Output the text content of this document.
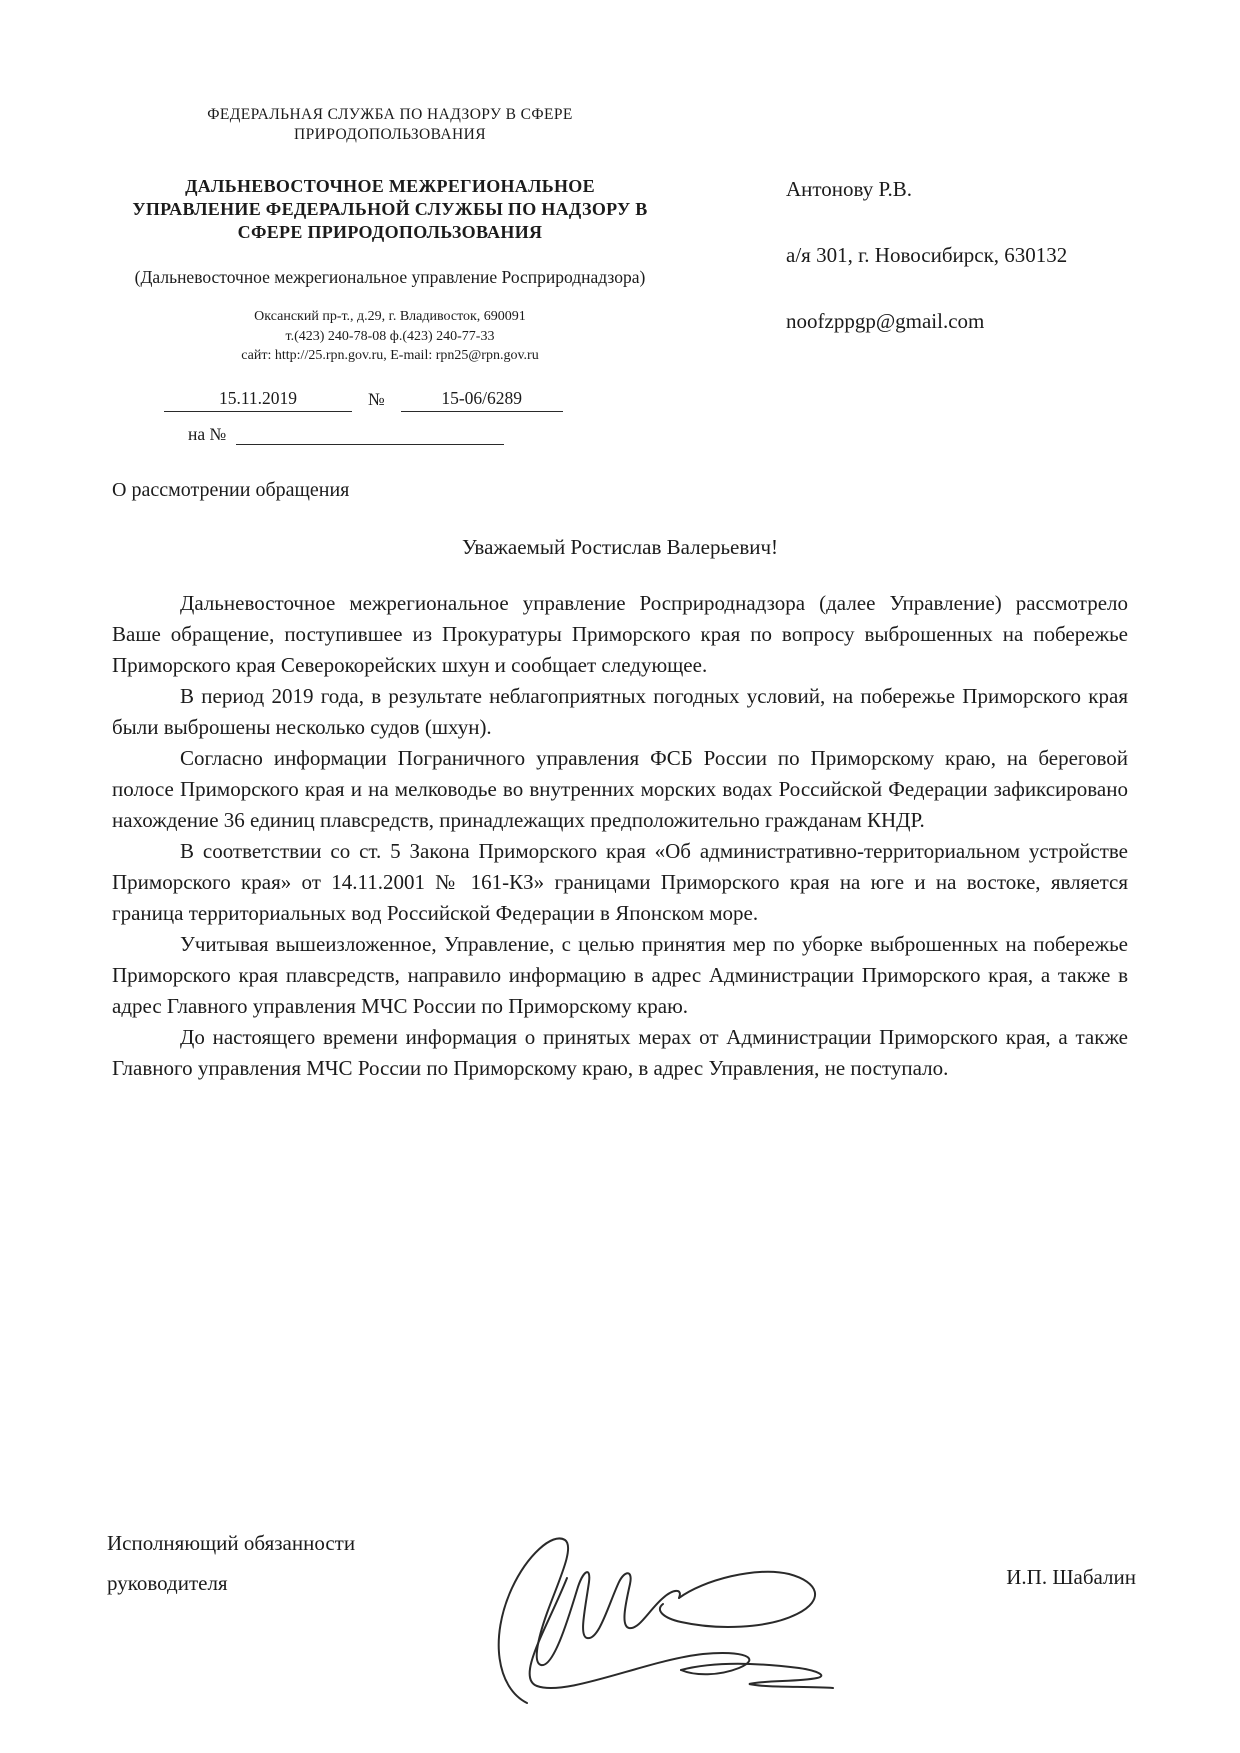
ФЕДЕРАЛЬНАЯ СЛУЖБА ПО НАДЗОРУ В СФЕРЕ ПРИРОДОПОЛЬЗОВАНИЯ
ДАЛЬНЕВОСТОЧНОЕ МЕЖРЕГИОНАЛЬНОЕ УПРАВЛЕНИЕ ФЕДЕРАЛЬНОЙ СЛУЖБЫ ПО НАДЗОРУ В СФЕРЕ ПРИРОДОПОЛЬЗОВАНИЯ
(Дальневосточное межрегиональное управление Росприроднадзора)
Оксанский пр-т., д.29, г. Владивосток, 690091
т.(423) 240-78-08 ф.(423) 240-77-33
сайт: http://25.rpn.gov.ru, E-mail: rpn25@rpn.gov.ru
15.11.2019	№	15-06/6289
на №
Антонову Р.В.
а/я 301, г. Новосибирск, 630132
noofzppgp@gmail.com
О рассмотрении обращения
Уважаемый Ростислав Валерьевич!

Дальневосточное межрегиональное управление Росприроднадзора (далее Управление) рассмотрело Ваше обращение, поступившее из Прокуратуры Приморского края по вопросу выброшенных на побережье Приморского края Северокорейских шхун и сообщает следующее.

В период 2019 года, в результате неблагоприятных погодных условий, на побережье Приморского края были выброшены несколько судов (шхун).

Согласно информации Пограничного управления ФСБ России по Приморскому краю, на береговой полосе Приморского края и на мелководье во внутренних морских водах Российской Федерации зафиксировано нахождение 36 единиц плавсредств, принадлежащих предположительно гражданам КНДР.

В соответствии со ст. 5 Закона Приморского края «Об административно-территориальном устройстве Приморского края» от 14.11.2001 № 161-КЗ» границами Приморского края на юге и на востоке, является граница территориальных вод Российской Федерации в Японском море.

Учитывая вышеизложенное, Управление, с целью принятия мер по уборке выброшенных на побережье Приморского края плавсредств, направило информацию в адрес Администрации Приморского края, а также в адрес Главного управления МЧС России по Приморскому краю.

До настоящего времени информация о принятых мерах от Администрации Приморского края, а также Главного управления МЧС России по Приморскому краю, в адрес Управления, не поступало.

Исполняющий обязанности руководителя	И.П. Шабалин
